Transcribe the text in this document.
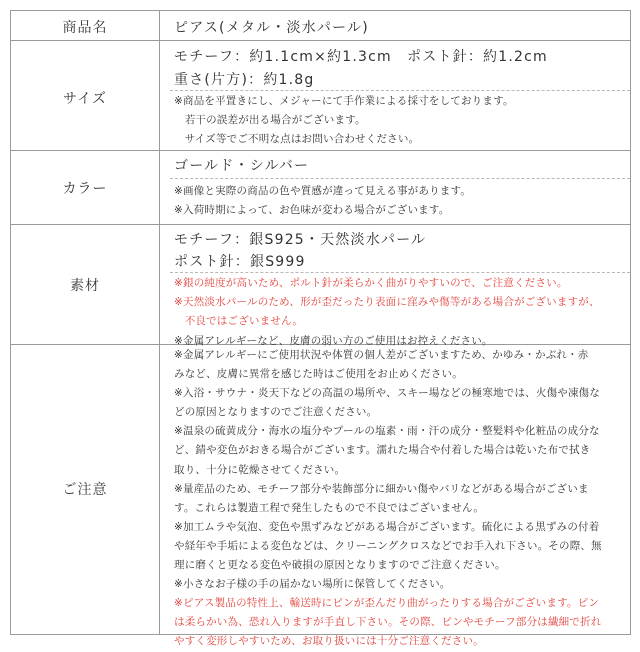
商品名	ピアス(メタル・淡水パール)
サイズ
モチーフ：約1.1cm×約1.3cm　ポスト針：約1.2cm
重さ(片方)：約1.8g
※商品を平置きにし、メジャーにて手作業による採寸をしております。
　若干の誤差が出る場合がございます。
　サイズ等でご不明な点はお問い合わせください。
カラー
ゴールド・シルバー
※画像と実際の商品の色や質感が違って見える事があります。
※入荷時期によって、お色味が変わる場合がございます。
素材
モチーフ：銀S925・天然淡水パール
ポスト針：銀S999
※銀の純度が高いため、ポルト針が柔らかく曲がりやすいので、ご注意ください。
※天然淡水パールのため、形が歪だったり表面に窪みや傷等がある場合がございますが、
　不良ではございません。
※金属アレルギーなど、皮膚の弱い方のご使用はお控えください。
ご注意
※金属アレルギーにご使用状況や体質の個人差がございますため、かゆみ・かぶれ・赤
みなど、皮膚に異常を感じた時はご使用をお止めください。
※入浴・サウナ・炎天下などの高温の場所や、スキー場などの極寒地では、火傷や凍傷な
どの原因となりますのでご注意ください。
※温泉の硫黄成分・海水の塩分やプールの塩素・雨・汗の成分・整髪料や化粧品の成分な
ど、錆や変色がおきる場合がございます。濡れた場合や付着した場合は乾いた布で拭き
取り、十分に乾燥させてください。
※量産品のため、モチーフ部分や装飾部分に細かい傷やバリなどがある場合がございま
す。これらは製造工程で発生したもので不良ではございません。
※加工ムラや気泡、変色や黒ずみなどがある場合がございます。硫化による黒ずみの付着
や経年や手垢による変色などは、クリーニングクロスなどでお手入れ下さい。その際、無
理に磨くと更なる変色や破損の原因となりますのでご注意ください。
※小さなお子様の手の届かない場所に保管してください。
※ピアス製品の特性上、輸送時にピンが歪んだり曲がったりする場合がございます。ピン
は柔らかい為、恐れ入りますが手直し下さい。その際、ピンやモチーフ部分は繊細で折れ
やすく変形しやすいため、お取り扱いには十分ご注意ください。
